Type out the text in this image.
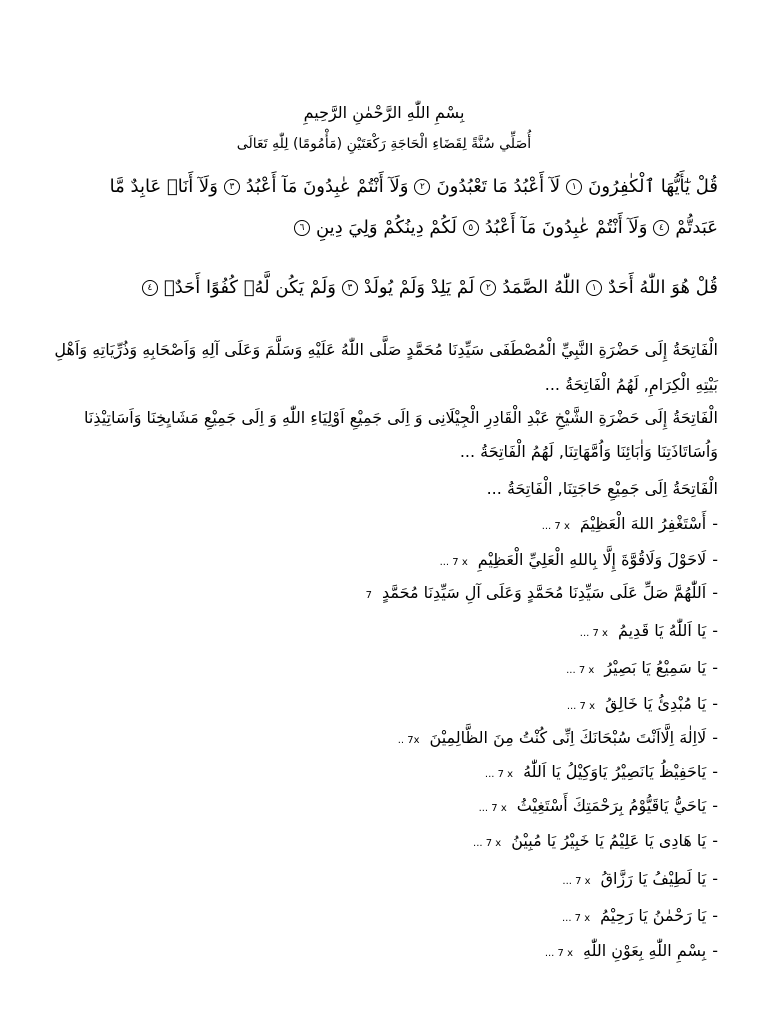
بِسْمِ اللّٰهِ الرَّحْمٰنِ الرَّحِيمِ
أُصَلِّي سُنَّةً لِقَضَاءِ الْحَاجَةِ رَكْعَتَيْنِ (مَأْمُومًا) لِلّٰهِ تَعَالَى
قُلْ يٰٓأَيُّهَا ٱلْكٰفِرُونَ١لَآ أَعْبُدُ مَا تَعْبُدُونَ٢وَلَآ أَنْتُمْ عٰبِدُونَ مَآ أَعْبُدُ٣وَلَآ أَنَا۠ عَابِدٌ مَّا
عَبَدتُّمْ٤وَلَآ أَنْتُمْ عٰبِدُونَ مَآ أَعْبُدُ٥لَكُمْ دِينُكُمْ وَلِيَ دِينِ٦
قُلْ هُوَ اللّٰهُ أَحَدٌ١اللّٰهُ الصَّمَدُ٢لَمْ يَلِدْ وَلَمْ يُولَدْ٣وَلَمْ يَكُن لَّهُۥ كُفُوًا أَحَدٌۢ٤
الْفَاتِحَةُ إِلَى حَضْرَةِ النَّبِيِّ الْمُصْطَفَى سَيِّدِنَا مُحَمَّدٍ صَلَّى اللّٰهُ عَلَيْهِ وَسَلَّمَ وَعَلَى آلِهِ وَاَصْحَابِهِ وَذُرِّيَاتِهِ وَاَهْلِ
بَيْتِهِ الْكِرَامِ, لَهُمُ الْفَاتِحَةُ ...
الْفَاتِحَةُ إِلَى حَضْرَةِ الشَّيْخِ عَبْدِ الْقَادِرِ الْجِيْلَانِى وَ اِلَى جَمِيْعِ اَوْلِيَاءِ اللّٰهِ وَ اِلَى جَمِيْعِ مَشَايِخِنَا وَاَسَاتِيْذِنَا
وَاُسَاتَاذَتِنَا وَاٰبَائِنَا وَاُمَّهَاتِنَا, لَهُمُ الْفَاتِحَةُ ...
الْفَاتِحَةُ اِلَى جَمِيْعِ حَاجَتِنَا, الْفَاتِحَةُ ...
-أَسْتَغْفِرُ اللهَ الْعَظِيْمَ... 7 x
-لَاحَوْلَ وَلَاقُوَّةَ إِلَّا بِاللهِ الْعَلِيِّ الْعَظِيْمِ... 7 x
-اَللّٰهُمَّ صَلِّ عَلَى سَيِّدِنَا مُحَمَّدٍ وَعَلَى آلِ سَيِّدِنَا مُحَمَّدٍ7
-يَا اَللّٰهُ يَا قَدِيمُ... 7 x
-يَا سَمِيْعُ يَا بَصِيْرُ... 7 x
-يَا مُبْدِئُ يَا خَالِقُ... 7 x
-لَااِلٰهَ اِلَّااَنْتَ سُبْحَانَكَ اِنِّى كُنْتُ مِنَ الظَّالِمِيْنَ.. 7x
-يَاحَفِيْظُ يَانَصِيْرُ يَاوَكِيْلُ يَا اَللّٰهُ... 7 x
-يَاحَيُّ يَاقَيُّوْمُ بِرَحْمَتِكَ أَسْتَغِيْثُ... 7 x
-يَا هَادِى يَا عَلِيْمُ يَا خَبِيْرُ يَا مُبِيْنُ... 7 x
-يَا لَطِيْفُ يَا رَزَّاقُ... 7 x
-يَا رَحْمٰنُ يَا رَحِيْمُ... 7 x
-بِسْمِ اللّٰهِ بِعَوْنِ اللّٰهِ... 7 x
